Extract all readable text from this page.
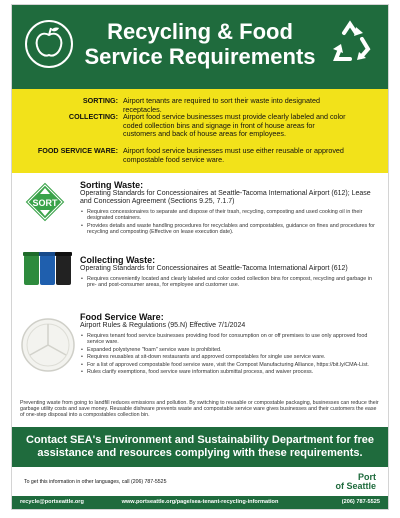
Recycling & Food
Service Requirements
SORTING: Airport tenants are required to sort their waste into designated receptacles.
COLLECTING: Airport food service businesses must provide clearly labeled and color coded collection bins and signage in front of house areas for customers and back of house areas for employees.
FOOD SERVICE WARE: Airport food service businesses must use either reusable or approved compostable food service ware.
SORT
Sorting Waste:
Operating Standards for Concessionaires at Seattle-Tacoma International Airport (612); Lease and Concession Agreement (Sections 9.25, 7.1.7)
• Requires concessionaires to separate and dispose of their trash, recycling, composting and used cooking oil in their designated containers.
• Provides details and waste handling procedures for recyclables and compostables, guidance on fines and procedures for recycling and composting (Effective on lease execution date).
Collecting Waste:
Operating Standards for Concessionaires at Seattle-Tacoma International Airport (612)
• Requires conveniently located and clearly labeled and color coded collection bins for compost, recycling and garbage in pre- and post-consumer areas, for employee and customer use.
Food Service Ware:
Airport Rules & Regulations (95.N) Effective 7/1/2024
• Requires tenant food service businesses providing food for consumption on or off premises to use only approved food service ware.
• Expanded polystyrene "foam" service ware is prohibited.
• Requires reusables at sit-down restaurants and approved compostables for single use service ware.
• For a list of approved compostable food service ware, visit the Compost Manufacturing Alliance, https://bit.ly/CMA-List.
• Rules clarify exemptions, food service ware information submittal process, and waiver process.
Preventing waste from going to landfill reduces emissions and pollution. By switching to reusable or compostable packaging, businesses can reduce their garbage utility costs and save money. Reusable dishware prevents waste and compostable service ware gives businesses and their customers the ease of one-step disposal into a compostables collection bin.
Contact SEA's Environment and Sustainability Department for free
assistance and resources complying with these requirements.
To get this information in other languages, call (206) 787-5525	Port
of Seattle
recycle@portseattle.org	www.portseattle.org/page/sea-tenant-recycling-information	(206) 787-5525
